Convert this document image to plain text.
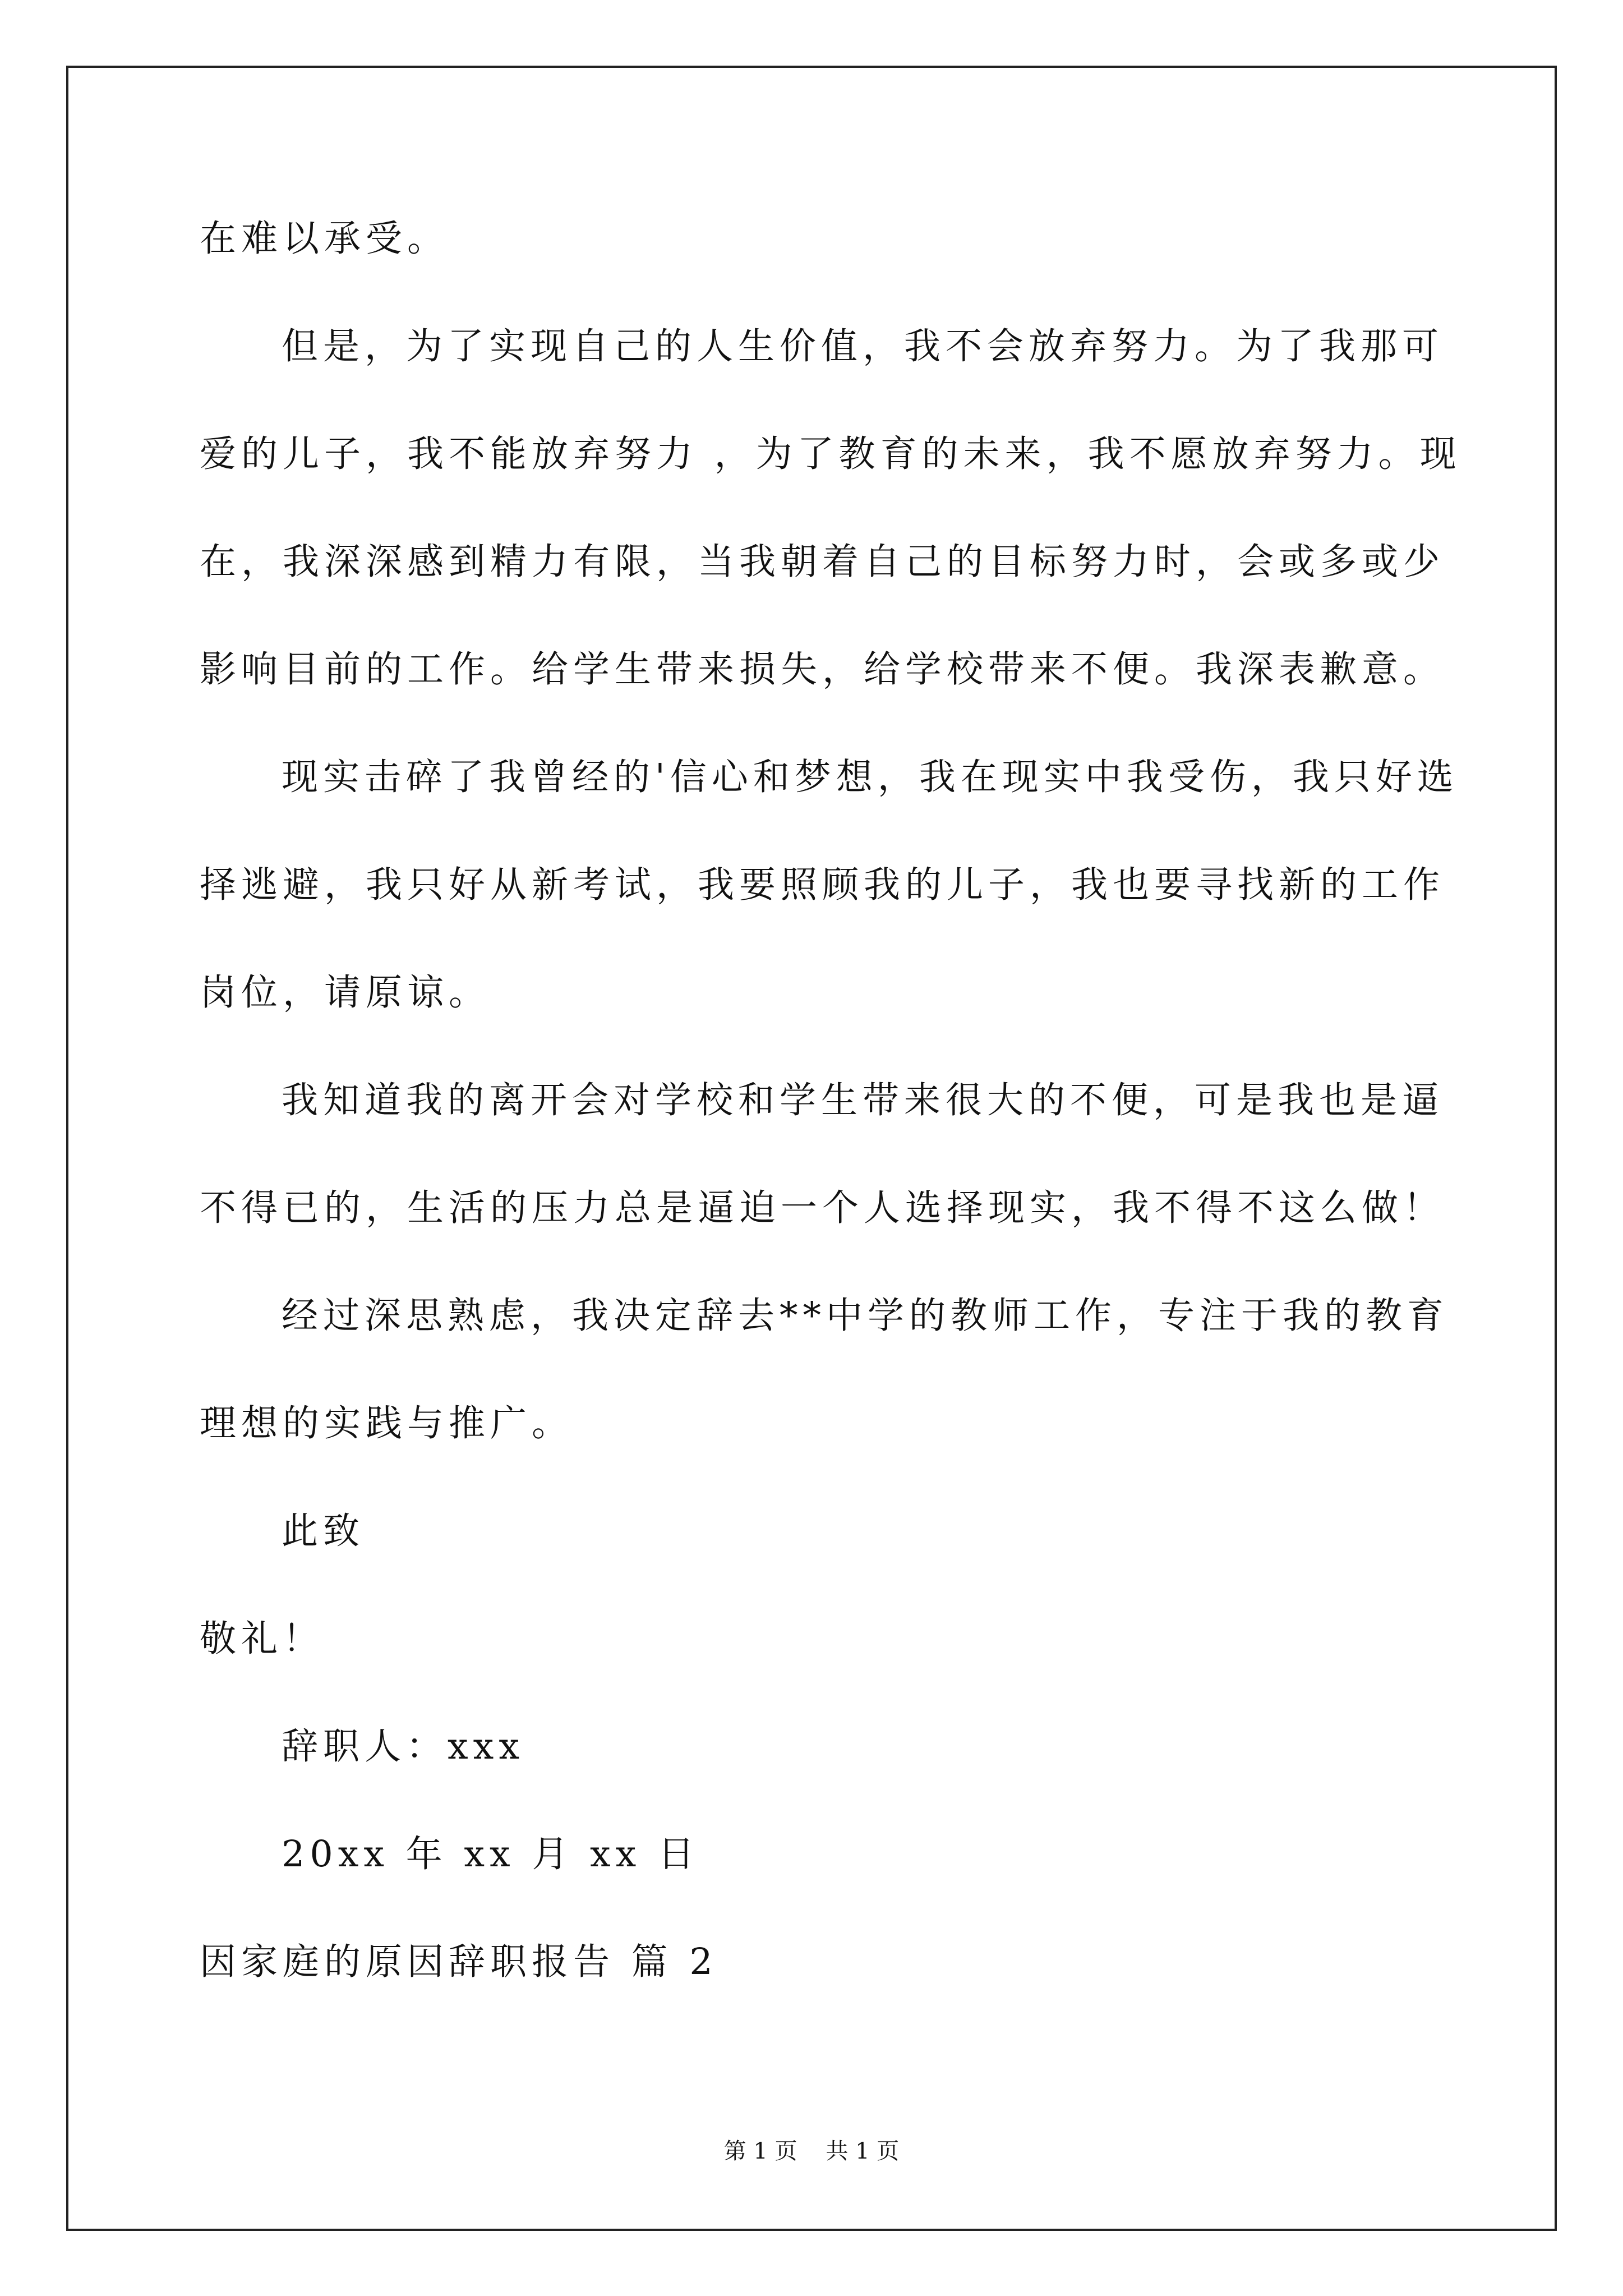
在难以承受。
但是，为了实现自己的人生价值，我不会放弃努力。为了我那可
爱的儿子，我不能放弃努力 ，为了教育的未来，我不愿放弃努力。现
在，我深深感到精力有限，当我朝着自己的目标努力时，会或多或少
影响目前的工作。给学生带来损失，给学校带来不便。我深表歉意。
现实击碎了我曾经的'信心和梦想，我在现实中我受伤，我只好选
择逃避，我只好从新考试，我要照顾我的儿子，我也要寻找新的工作
岗位，请原谅。
我知道我的离开会对学校和学生带来很大的不便，可是我也是逼
不得已的，生活的压力总是逼迫一个人选择现实，我不得不这么做！
经过深思熟虑，我决定辞去**中学的教师工作，专注于我的教育
理想的实践与推广。
此致
敬礼！
辞职人：xxx
20xx 年 xx 月 xx 日
因家庭的原因辞职报告 篇 2
第 1 页    共 1 页
